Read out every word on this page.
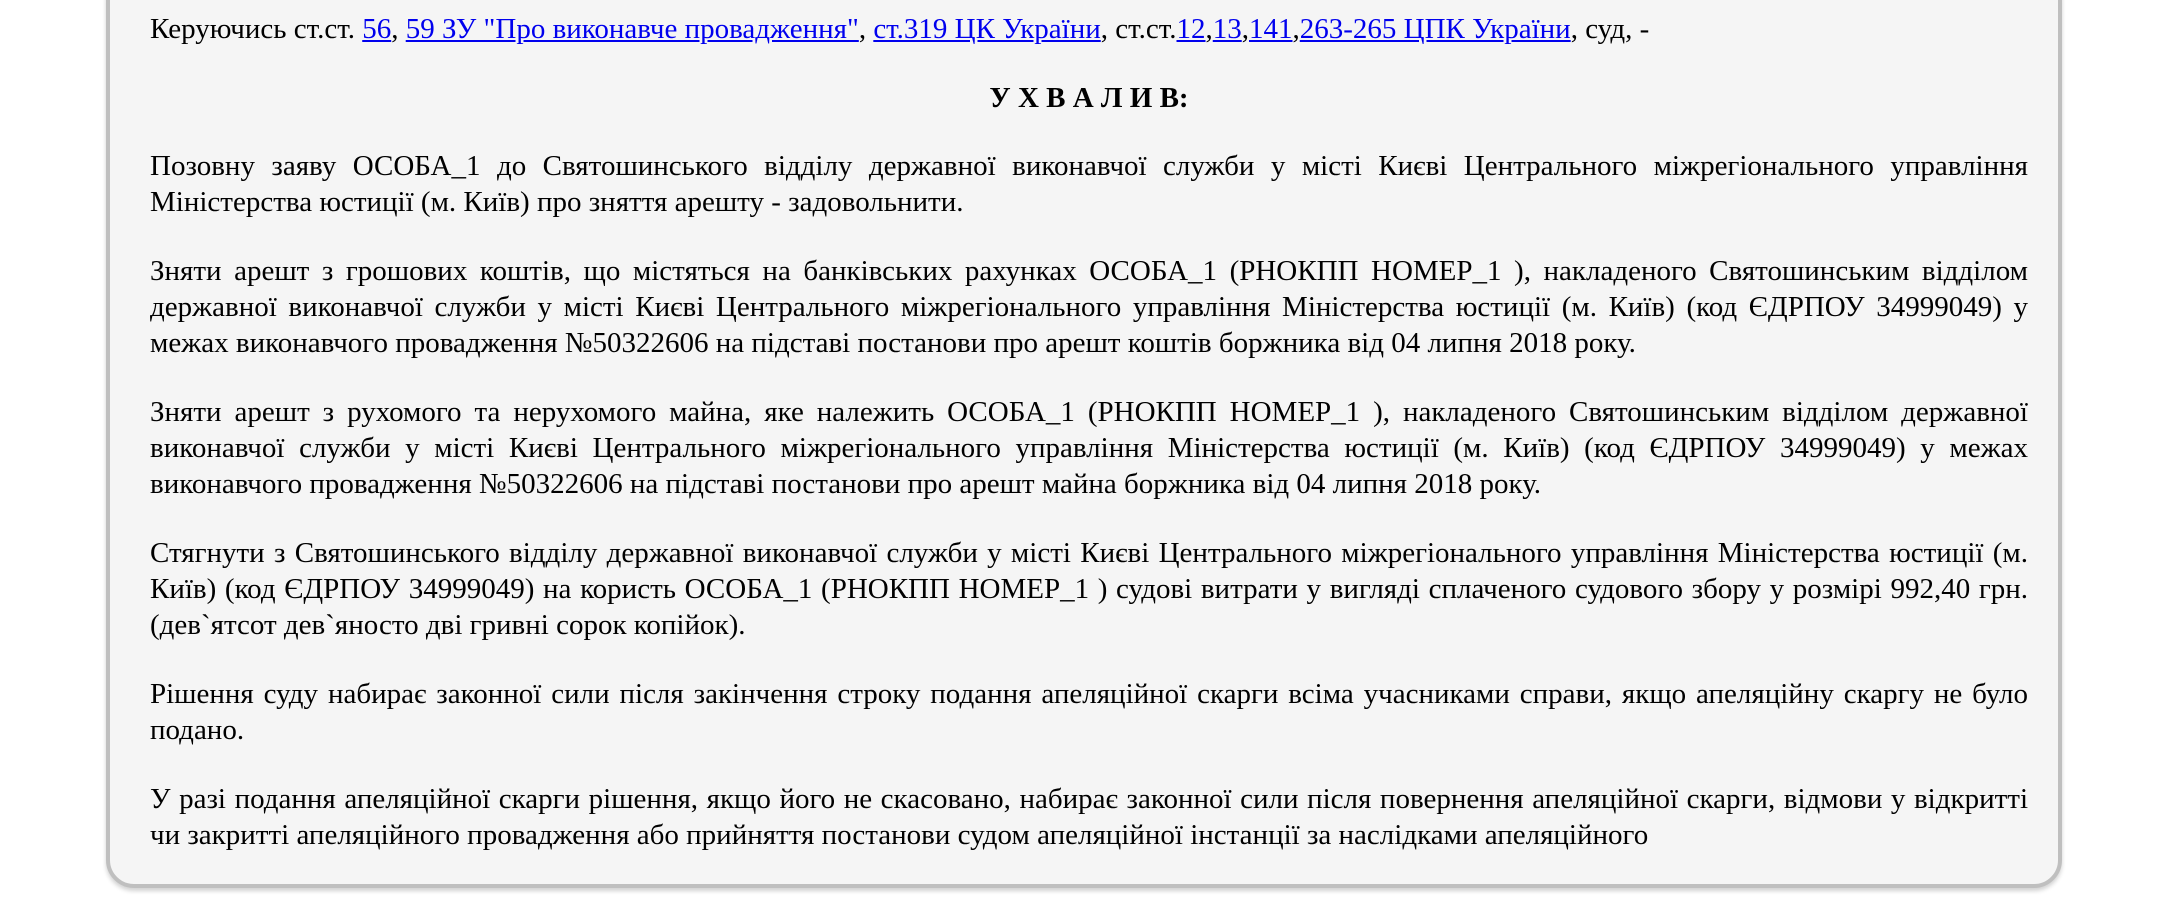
Керуючись ст.ст. 56, 59 ЗУ "Про виконавче провадження", ст.319 ЦК України, ст.ст.12,13,141,263-265 ЦПК України, суд, -

У Х В А Л И В:

Позовну заяву ОСОБА_1 до Святошинського відділу державної виконавчої служби у місті Києві Центрального міжрегіонального управління Міністерства юстиції (м. Київ) про зняття арешту - задовольнити.

Зняти арешт з грошових коштів, що містяться на банківських рахунках ОСОБА_1 (РНОКПП НОМЕР_1 ), накладеного Святошинським відділом державної виконавчої служби у місті Києві Центрального міжрегіонального управління Міністерства юстиції (м. Київ) (код ЄДРПОУ 34999049) у межах виконавчого провадження №50322606 на підставі постанови про арешт коштів боржника від 04 липня 2018 року.

Зняти арешт з рухомого та нерухомого майна, яке належить ОСОБА_1 (РНОКПП НОМЕР_1 ), накладеного Святошинським відділом державної виконавчої служби у місті Києві Центрального міжрегіонального управління Міністерства юстиції (м. Київ) (код ЄДРПОУ 34999049) у межах виконавчого провадження №50322606 на підставі постанови про арешт майна боржника від 04 липня 2018 року.

Стягнути з Святошинського відділу державної виконавчої служби у місті Києві Центрального міжрегіонального управління Міністерства юстиції (м. Київ) (код ЄДРПОУ 34999049) на користь ОСОБА_1 (РНОКПП НОМЕР_1 ) судові витрати у вигляді сплаченого судового збору у розмірі 992,40 грн. (дев`ятсот дев`яносто дві гривні сорок копійок).

Рішення суду набирає законної сили після закінчення строку подання апеляційної скарги всіма учасниками справи, якщо апеляційну скаргу не було подано.

У разі подання апеляційної скарги рішення, якщо його не скасовано, набирає законної сили після повернення апеляційної скарги, відмови у відкритті чи закритті апеляційного провадження або прийняття постанови судом апеляційної інстанції за наслідками апеляційного
